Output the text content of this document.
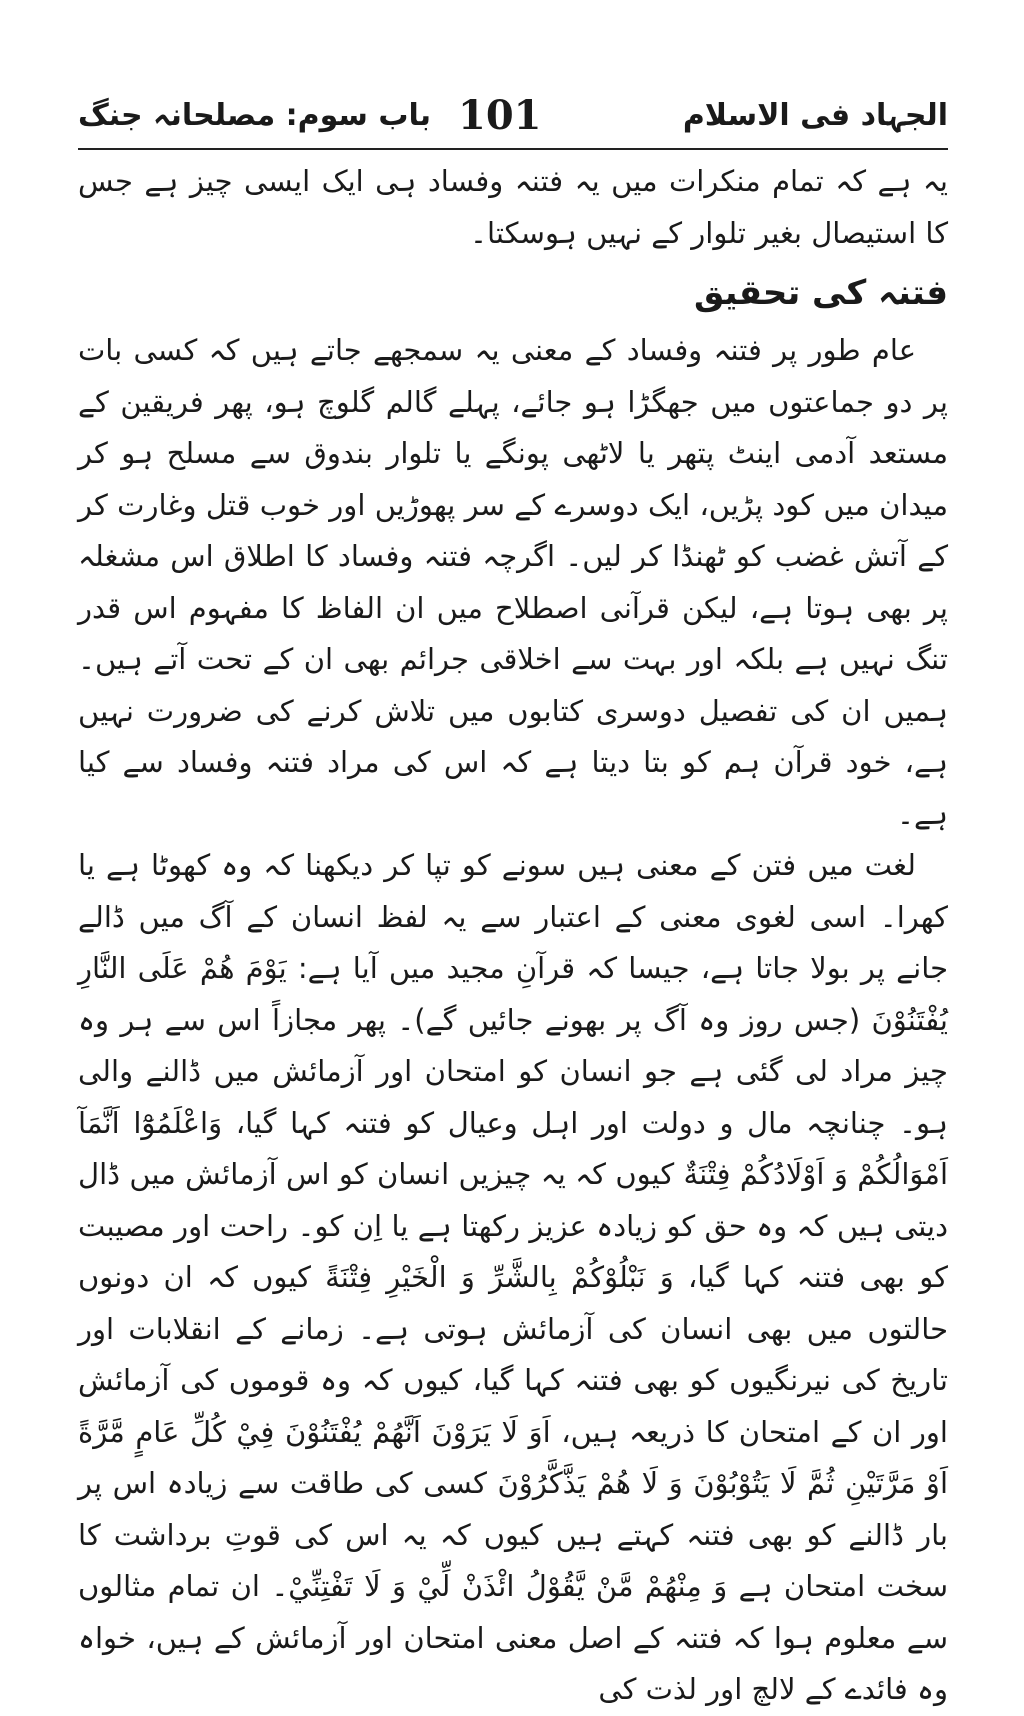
الجہاد فی الاسلام
101
باب سوم: مصلحانہ جنگ

یہ ہے کہ تمام منکرات میں یہ فتنہ وفساد ہی ایک ایسی چیز ہے جس کا استیصال بغیر تلوار کے نہیں ہوسکتا۔

فتنہ کی تحقیق

عام طور پر فتنہ وفساد کے معنی یہ سمجھے جاتے ہیں کہ کسی بات پر دو جماعتوں میں جھگڑا ہو جائے، پہلے گالم گلوچ ہو، پھر فریقین کے مستعد آدمی اینٹ پتھر یا لاٹھی پونگے یا تلوار بندوق سے مسلح ہو کر میدان میں کود پڑیں، ایک دوسرے کے سر پھوڑیں اور خوب قتل وغارت کر کے آتش غضب کو ٹھنڈا کر لیں۔ اگرچہ فتنہ وفساد کا اطلاق اس مشغلہ پر بھی ہوتا ہے، لیکن قرآنی اصطلاح میں ان الفاظ کا مفہوم اس قدر تنگ نہیں ہے بلکہ اور بہت سے اخلاقی جرائم بھی ان کے تحت آتے ہیں۔ ہمیں ان کی تفصیل دوسری کتابوں میں تلاش کرنے کی ضرورت نہیں ہے، خود قرآن ہم کو بتا دیتا ہے کہ اس کی مراد فتنہ وفساد سے کیا ہے۔

لغت میں فتن کے معنی ہیں سونے کو تپا کر دیکھنا کہ وہ کھوٹا ہے یا کھرا۔ اسی لغوی معنی کے اعتبار سے یہ لفظ انسان کے آگ میں ڈالے جانے پر بولا جاتا ہے، جیسا کہ قرآنِ مجید میں آیا ہے: یَوْمَ هُمْ عَلَى النَّارِ يُفْتَنُوْنَ (جس روز وہ آگ پر بھونے جائیں گے)۔ پھر مجازاً اس سے ہر وہ چیز مراد لی گئی ہے جو انسان کو امتحان اور آزمائش میں ڈالنے والی ہو۔ چنانچہ مال و دولت اور اہل وعیال کو فتنہ کہا گیا، وَاعْلَمُوْٓا اَنَّمَآ اَمْوَالُكُمْ وَ اَوْلَادُكُمْ فِتْنَةٌ کیوں کہ یہ چیزیں انسان کو اس آزمائش میں ڈال دیتی ہیں کہ وہ حق کو زیادہ عزیز رکھتا ہے یا اِن کو۔ راحت اور مصیبت کو بھی فتنہ کہا گیا، وَ نَبْلُوْكُمْ بِالشَّرِّ وَ الْخَيْرِ فِتْنَةً کیوں کہ ان دونوں حالتوں میں بھی انسان کی آزمائش ہوتی ہے۔ زمانے کے انقلابات اور تاریخ کی نیرنگیوں کو بھی فتنہ کہا گیا، کیوں کہ وہ قوموں کی آزمائش اور ان کے امتحان کا ذریعہ ہیں، اَوَ لَا يَرَوْنَ اَنَّهُمْ يُفْتَنُوْنَ فِيْ كُلِّ عَامٍ مَّرَّةً اَوْ مَرَّتَيْنِ ثُمَّ لَا يَتُوْبُوْنَ وَ لَا هُمْ يَذَّكَّرُوْنَ کسی کی طاقت سے زیادہ اس پر بار ڈالنے کو بھی فتنہ کہتے ہیں کیوں کہ یہ اس کی قوتِ برداشت کا سخت امتحان ہے وَ مِنْهُمْ مَّنْ يَّقُوْلُ ائْذَنْ لِّيْ وَ لَا تَفْتِنِّيْ۔ ان تمام مثالوں سے معلوم ہوا کہ فتنہ کے اصل معنی امتحان اور آزمائش کے ہیں، خواہ وہ فائدے کے لالچ اور لذت کی
